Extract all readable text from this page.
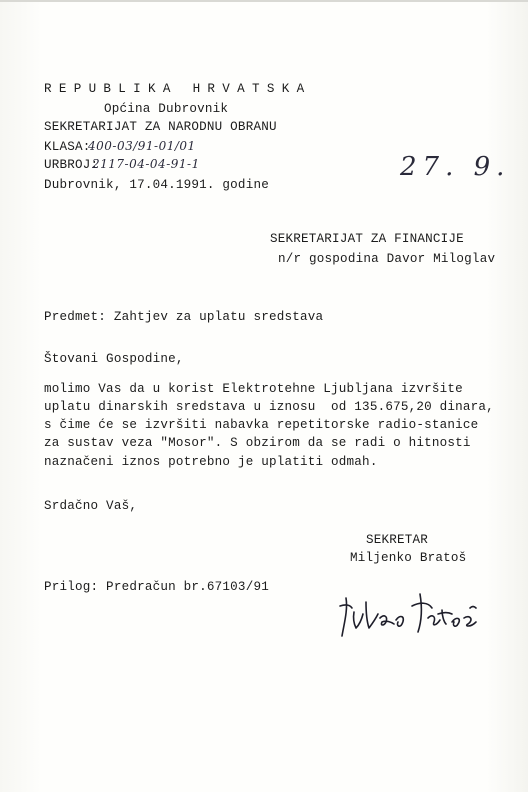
REPUBLIKA HRVATSKA
Općina Dubrovnik
SEKRETARIJAT ZA NARODNU OBRANU
KLASA:
400-03/91-01/01
URBROJ:
2117-04-04-91-1
Dubrovnik, 17.04.1991. godine
27. 9.
SEKRETARIJAT ZA FINANCIJE
n/r gospodina Davor Miloglav
Predmet: Zahtjev za uplatu sredstava
Štovani Gospodine,
molimo Vas da u korist Elektrotehne Ljubljana izvršite
uplatu dinarskih sredstava u iznosu  od 135.675,20 dinara,
s čime će se izvršiti nabavka repetitorske radio-stanice
za sustav veza "Mosor". S obzirom da se radi o hitnosti
naznačeni iznos potrebno je uplatiti odmah.
Srdačno Vaš,
SEKRETAR
Miljenko Bratoš
Prilog: Predračun br.67103/91
